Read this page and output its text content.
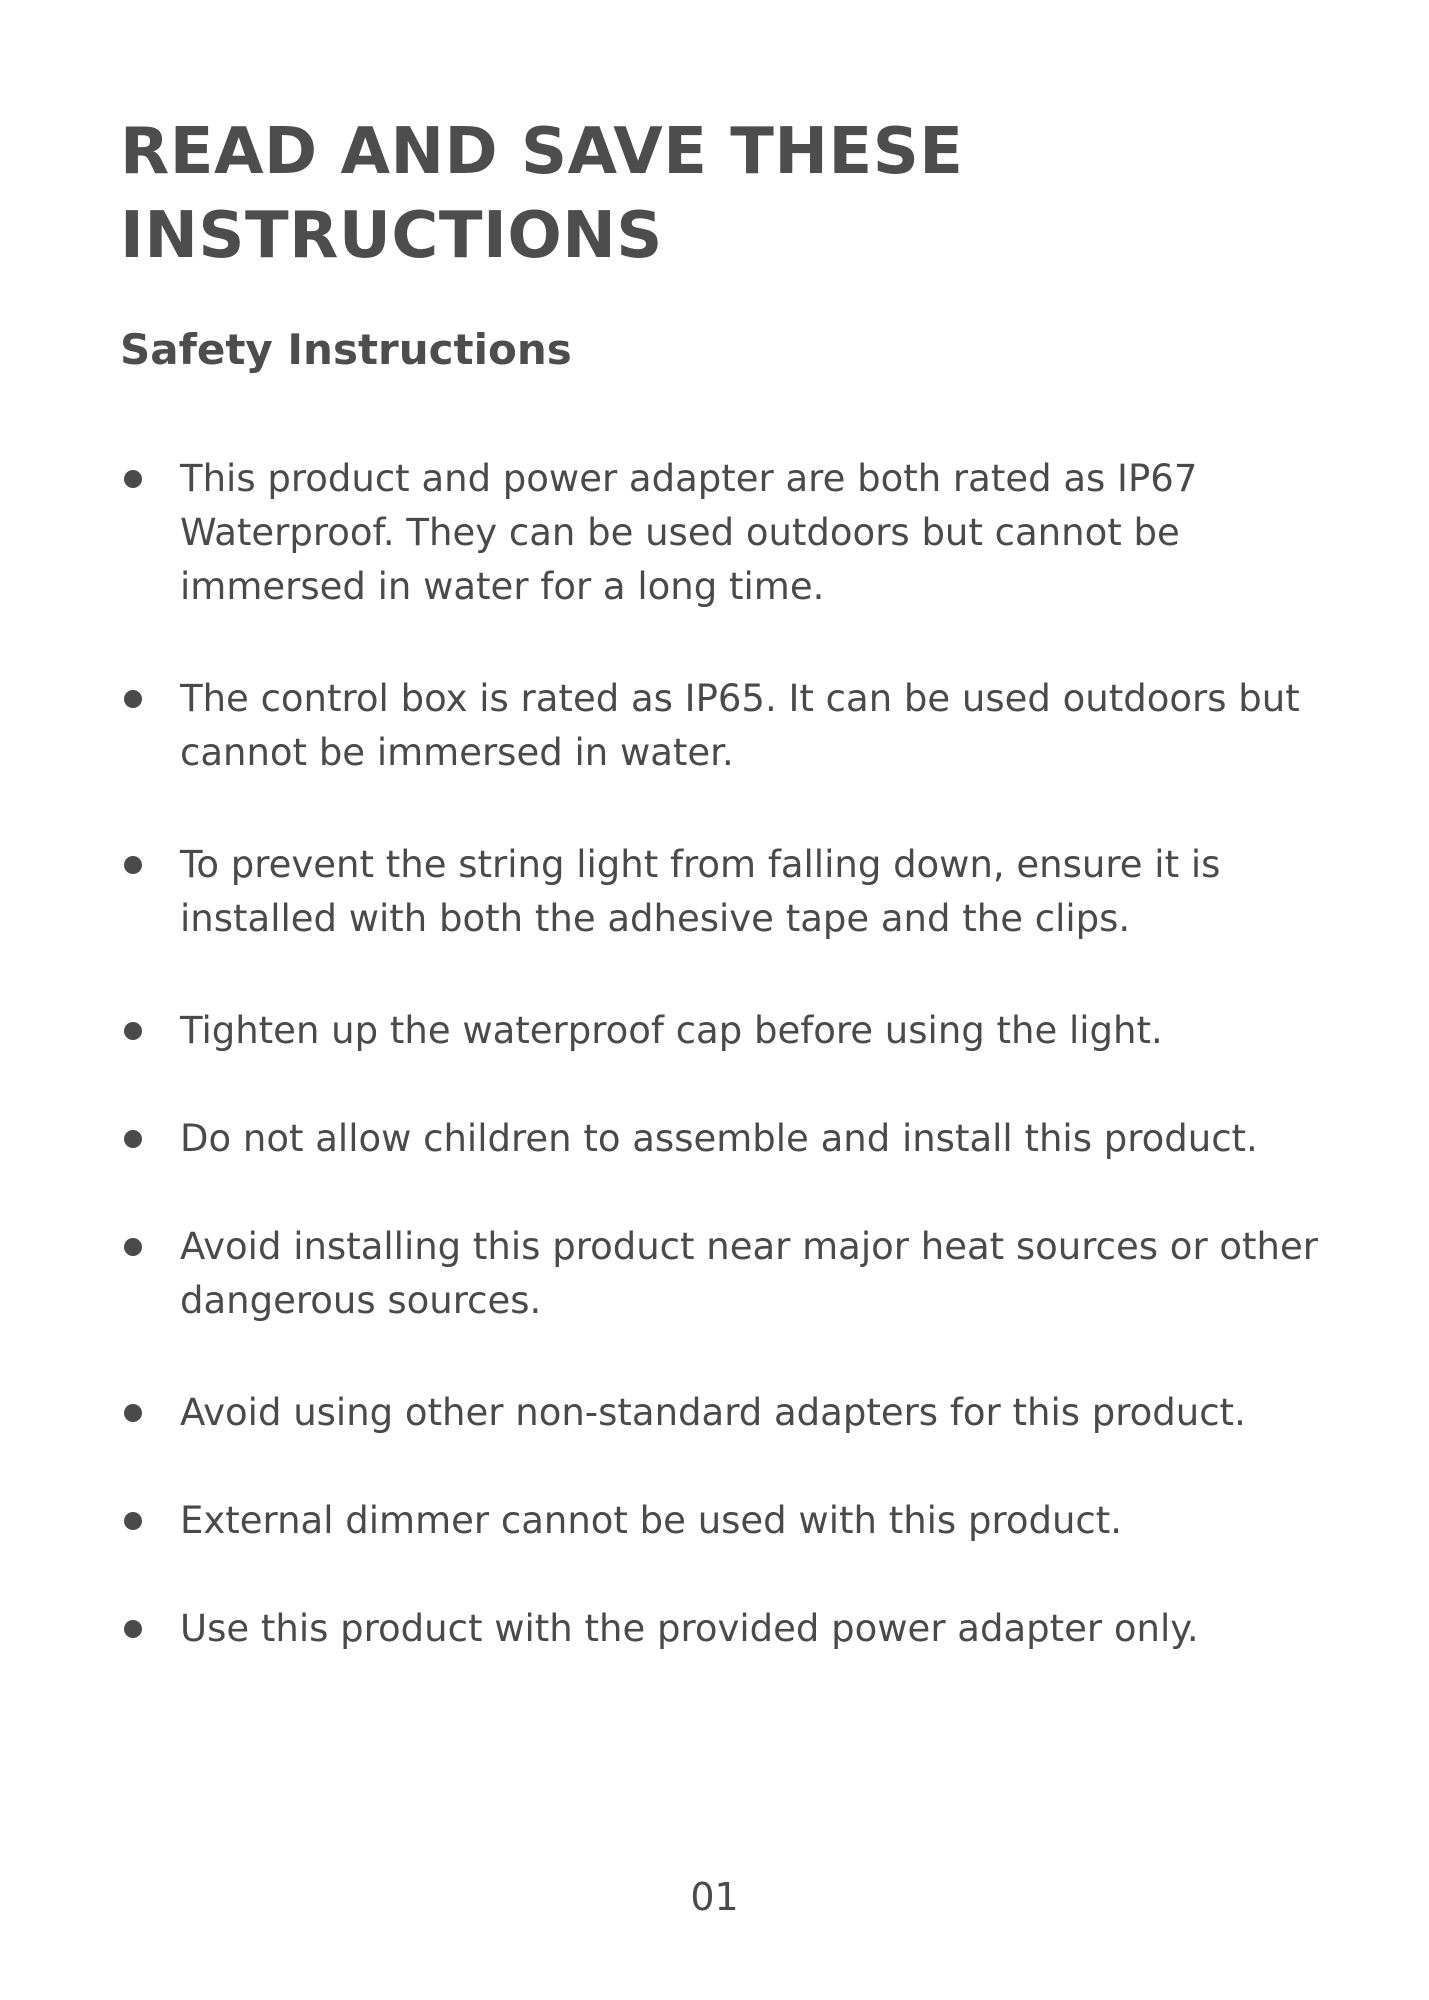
READ AND SAVE THESE INSTRUCTIONS
Safety Instructions
This product and power adapter are both rated as IP67 Waterproof. They can be used outdoors but cannot be immersed in water for a long time.
The control box is rated as IP65. It can be used outdoors but cannot be immersed in water.
To prevent the string light from falling down, ensure it is installed with both the adhesive tape and the clips.
Tighten up the waterproof cap before using the light.
Do not allow children to assemble and install this product.
Avoid installing this product near major heat sources or other dangerous sources.
Avoid using other non-standard adapters for this product.
External dimmer cannot be used with this product.
Use this product with the provided power adapter only.
01
